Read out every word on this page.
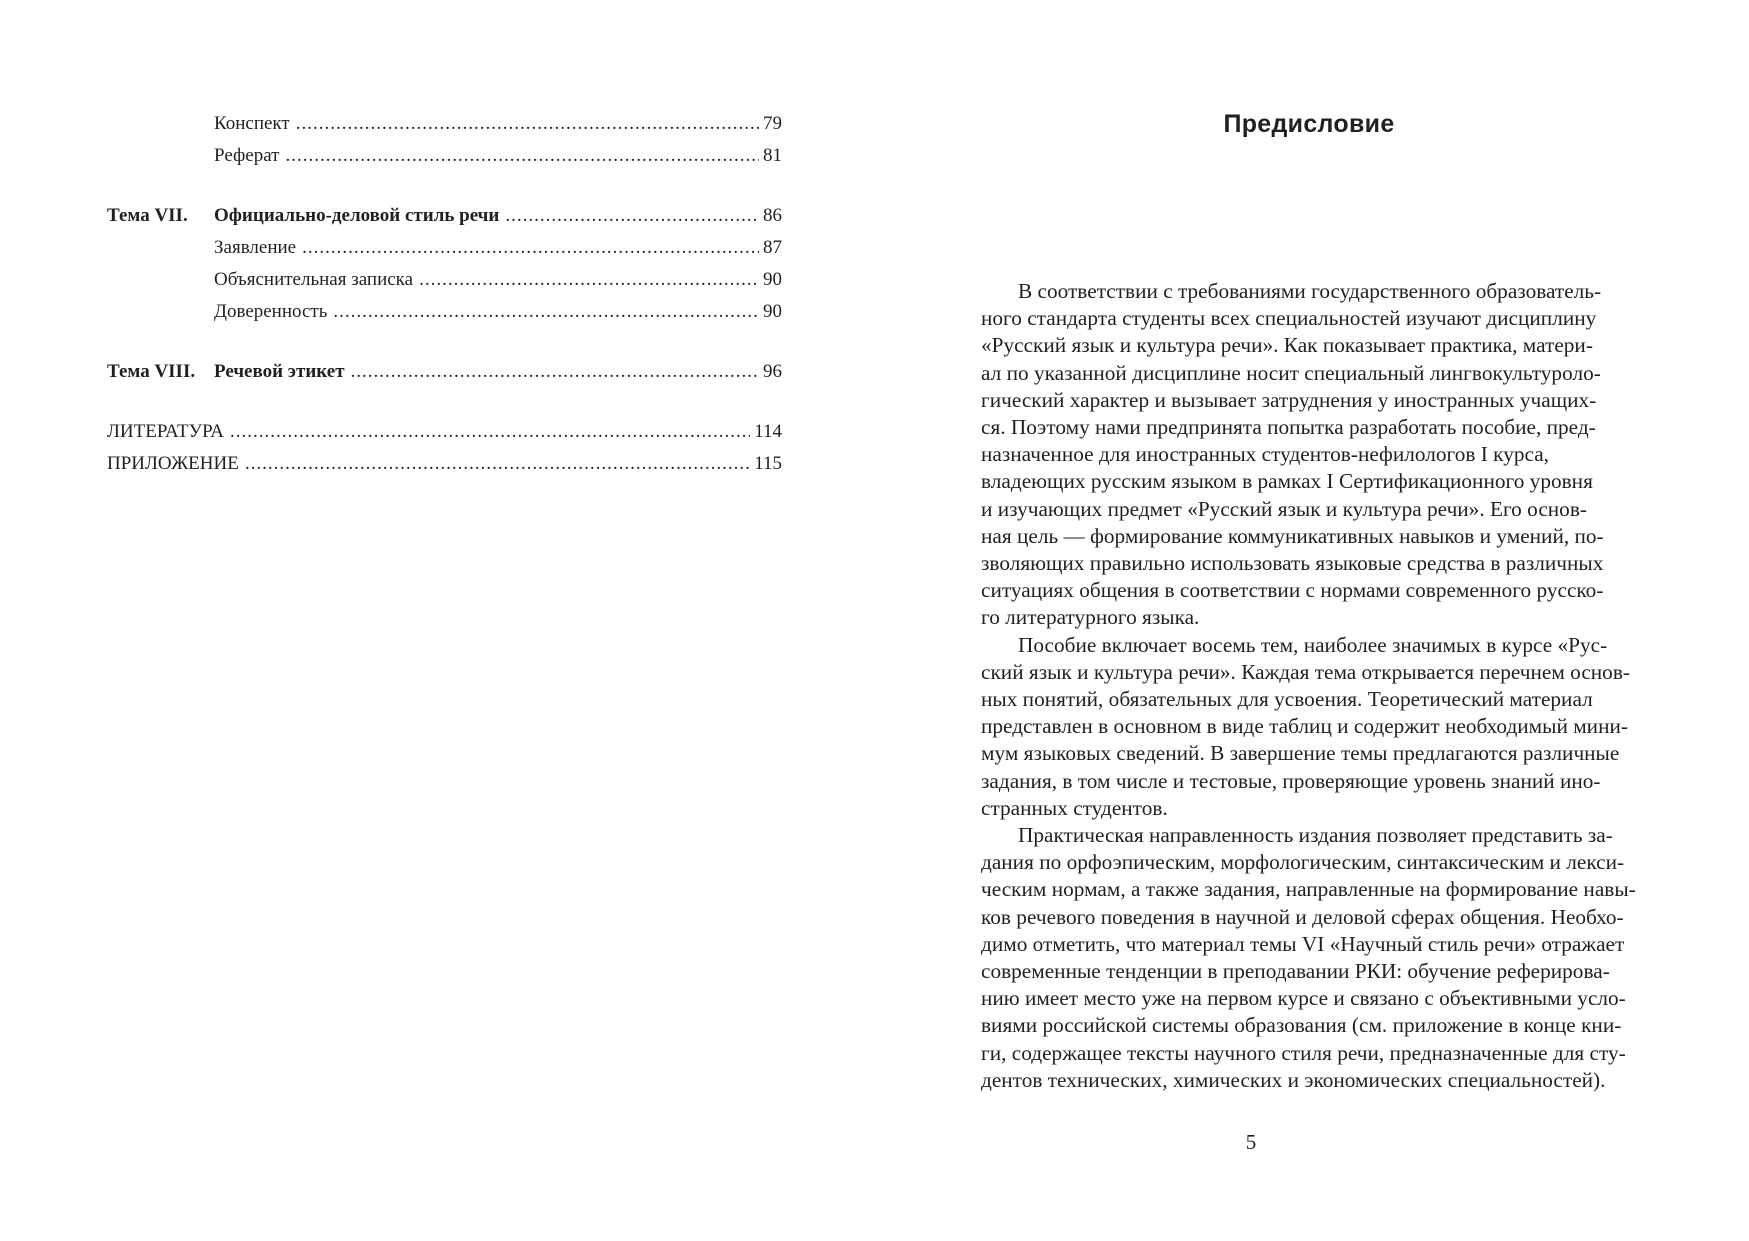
Конспект .....	79
Реферат .....	81
Тема VII.	Официально-деловой стиль речи .....	86
Заявление .....	87
Объяснительная записка .....	90
Доверенность .....	90
Тема VIII. Речевой этикет .....	96
ЛИТЕРАТУРА .....	114
ПРИЛОЖЕНИЕ .....	115
Предисловие
В соответствии с требованиями государственного образователь-
ного стандарта студенты всех специальностей изучают дисциплину
«Русский язык и культура речи». Как показывает практика, матери-
ал по указанной дисциплине носит специальный лингвокультуроло-
гический характер и вызывает затруднения у иностранных учащих-
ся. Поэтому нами предпринята попытка разработать пособие, пред-
назначенное для иностранных студентов-нефилологов I курса,
владеющих русским языком в рамках I Сертификационного уровня
и изучающих предмет «Русский язык и культура речи». Его основ-
ная цель — формирование коммуникативных навыков и умений, по-
зволяющих правильно использовать языковые средства в различных
ситуациях общения в соответствии с нормами современного русско-
го литературного языка.
Пособие включает восемь тем, наиболее значимых в курсе «Рус-
ский язык и культура речи». Каждая тема открывается перечнем основ-
ных понятий, обязательных для усвоения. Теоретический материал
представлен в основном в виде таблиц и содержит необходимый мини-
мум языковых сведений. В завершение темы предлагаются различные
задания, в том числе и тестовые, проверяющие уровень знаний ино-
странных студентов.
Практическая направленность издания позволяет представить за-
дания по орфоэпическим, морфологическим, синтаксическим и лекси-
ческим нормам, а также задания, направленные на формирование навы-
ков речевого поведения в научной и деловой сферах общения. Необхо-
димо отметить, что материал темы VI «Научный стиль речи» отражает
современные тенденции в преподавании РКИ: обучение реферирова-
нию имеет место уже на первом курсе и связано с объективными усло-
виями российской системы образования (см. приложение в конце кни-
ги, содержащее тексты научного стиля речи, предназначенные для сту-
дентов технических, химических и экономических специальностей).
5
